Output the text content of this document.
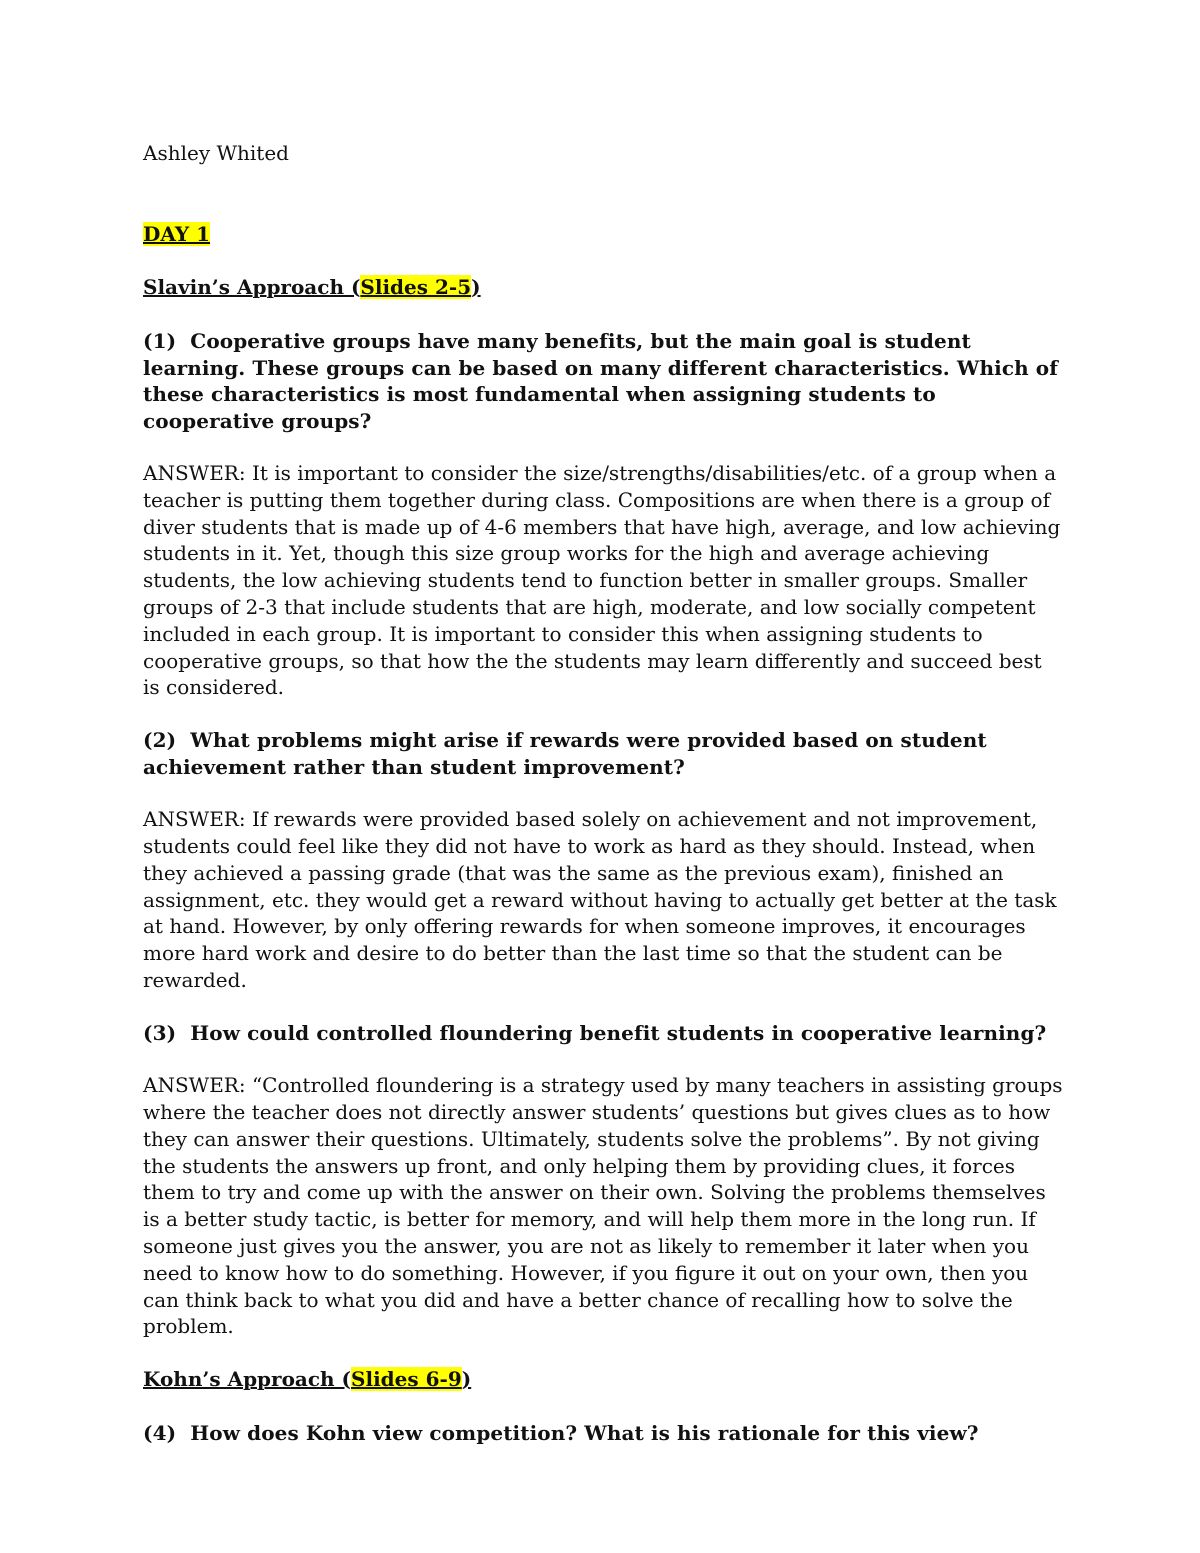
Ashley Whited

DAY 1

Slavin’s Approach (Slides 2-5)

(1) Cooperative groups have many benefits, but the main goal is student learning. These groups can be based on many different characteristics. Which of these characteristics is most fundamental when assigning students to cooperative groups?

ANSWER: It is important to consider the size/strengths/disabilities/etc. of a group when a teacher is putting them together during class. Compositions are when there is a group of diver students that is made up of 4-6 members that have high, average, and low achieving students in it. Yet, though this size group works for the high and average achieving students, the low achieving students tend to function better in smaller groups. Smaller groups of 2-3 that include students that are high, moderate, and low socially competent included in each group. It is important to consider this when assigning students to cooperative groups, so that how the the students may learn differently and succeed best is considered.

(2) What problems might arise if rewards were provided based on student achievement rather than student improvement?

ANSWER: If rewards were provided based solely on achievement and not improvement, students could feel like they did not have to work as hard as they should. Instead, when they achieved a passing grade (that was the same as the previous exam), finished an assignment, etc. they would get a reward without having to actually get better at the task at hand. However, by only offering rewards for when someone improves, it encourages more hard work and desire to do better than the last time so that the student can be rewarded.

(3) How could controlled floundering benefit students in cooperative learning?

ANSWER: “Controlled floundering is a strategy used by many teachers in assisting groups where the teacher does not directly answer students’ questions but gives clues as to how they can answer their questions. Ultimately, students solve the problems”. By not giving the students the answers up front, and only helping them by providing clues, it forces them to try and come up with the answer on their own. Solving the problems themselves is a better study tactic, is better for memory, and will help them more in the long run. If someone just gives you the answer, you are not as likely to remember it later when you need to know how to do something. However, if you figure it out on your own, then you can think back to what you did and have a better chance of recalling how to solve the problem.

Kohn’s Approach (Slides 6-9)

(4) How does Kohn view competition? What is his rationale for this view?
